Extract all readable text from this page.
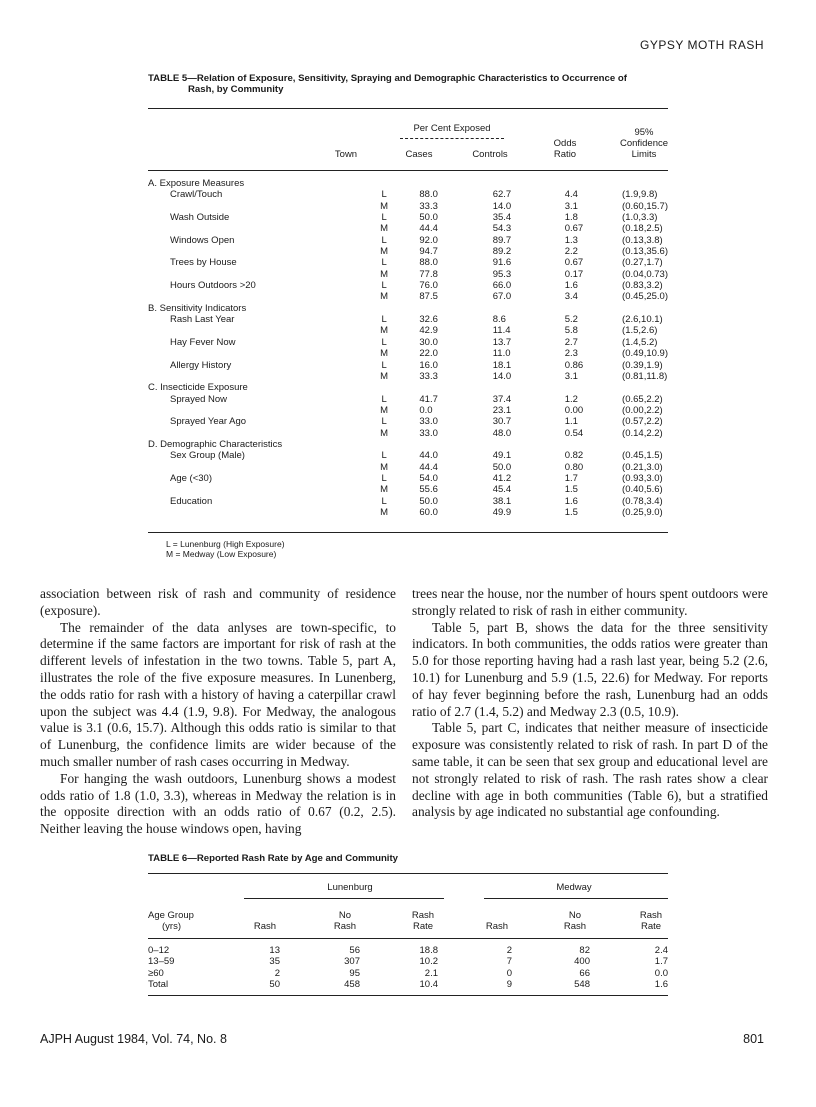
GYPSY MOTH RASH
TABLE 5—Relation of Exposure, Sensitivity, Spraying and Demographic Characteristics to Occurrence of
Rash, by Community
Per Cent Exposed	95%
Confidence
Limits
Odds
Ratio
Town	Cases	Controls
A. Exposure Measures					
Crawl/Touch	L	88.0	62.7	4.4	(1.9,9.8)
	M	33.3	14.0	3.1	(0.60,15.7)
Wash Outside	L	50.0	35.4	1.8	(1.0,3.3)
	M	44.4	54.3	0.67	(0.18,2.5)
Windows Open	L	92.0	89.7	1.3	(0.13,3.8)
	M	94.7	89.2	2.2	(0.13,35.6)
Trees by House	L	88.0	91.6	0.67	(0.27,1.7)
	M	77.8	95.3	0.17	(0.04,0.73)
Hours Outdoors >20	L	76.0	66.0	1.6	(0.83,3.2)
	M	87.5	67.0	3.4	(0.45,25.0)
B. Sensitivity Indicators					
Rash Last Year	L	32.6	8.6	5.2	(2.6,10.1)
	M	42.9	11.4	5.8	(1.5,2.6)
Hay Fever Now	L	30.0	13.7	2.7	(1.4,5.2)
	M	22.0	11.0	2.3	(0.49,10.9)
Allergy History	L	16.0	18.1	0.86	(0.39,1.9)
	M	33.3	14.0	3.1	(0.81,11.8)
C. Insecticide Exposure					
Sprayed Now	L	41.7	37.4	1.2	(0.65,2.2)
	M	0.0	23.1	0.00	(0.00,2.2)
Sprayed Year Ago	L	33.0	30.7	1.1	(0.57,2.2)
	M	33.0	48.0	0.54	(0.14,2.2)
D. Demographic Characteristics					
Sex Group (Male)	L	44.0	49.1	0.82	(0.45,1.5)
	M	44.4	50.0	0.80	(0.21,3.0)
Age (<30)	L	54.0	41.2	1.7	(0.93,3.0)
	M	55.6	45.4	1.5	(0.40,5.6)
Education	L	50.0	38.1	1.6	(0.78,3.4)
	M	60.0	49.9	1.5	(0.25,9.0)
L = Lunenburg (High Exposure)
M = Medway (Low Exposure)

association between risk of rash and community of residence (exposure).

The remainder of the data anlyses are town-specific, to determine if the same factors are important for risk of rash at the different levels of infestation in the two towns. Table 5, part A, illustrates the role of the five exposure measures. In Lunenberg, the odds ratio for rash with a history of having a caterpillar crawl upon the subject was 4.4 (1.9, 9.8). For Medway, the analogous value is 3.1 (0.6, 15.7). Although this odds ratio is similar to that of Lunenburg, the confidence limits are wider because of the much smaller number of rash cases occurring in Medway.

For hanging the wash outdoors, Lunenburg shows a modest odds ratio of 1.8 (1.0, 3.3), whereas in Medway the relation is in the opposite direction with an odds ratio of 0.67 (0.2, 2.5). Neither leaving the house windows open, having

trees near the house, nor the number of hours spent outdoors were strongly related to risk of rash in either community.

Table 5, part B, shows the data for the three sensitivity indicators. In both communities, the odds ratios were greater than 5.0 for those reporting having had a rash last year, being 5.2 (2.6, 10.1) for Lunenburg and 5.9 (1.5, 22.6) for Medway. For reports of hay fever beginning before the rash, Lunenburg had an odds ratio of 2.7 (1.4, 5.2) and Medway 2.3 (0.5, 10.9).

Table 5, part C, indicates that neither measure of insecticide exposure was consistently related to risk of rash. In part D of the same table, it can be seen that sex group and educational level are not strongly related to risk of rash. The rash rates show a clear decline with age in both communities (Table 6), but a stratified analysis by age indicated no substantial age confounding.

TABLE 6—Reported Rash Rate by Age and Community
Lunenburg	Medway
Age Group
(yrs)	Rash
No
Rash
Rash
Rate	Rash
No
Rash
Rash
Rate
0–12	13	56	18.8	2	82	2.4
13–59	35	307	10.2	7	400	1.7
≥60	2	95	2.1	0	66	0.0
Total	50	458	10.4	9	548	1.6
AJPH August 1984, Vol. 74, No. 8	801
